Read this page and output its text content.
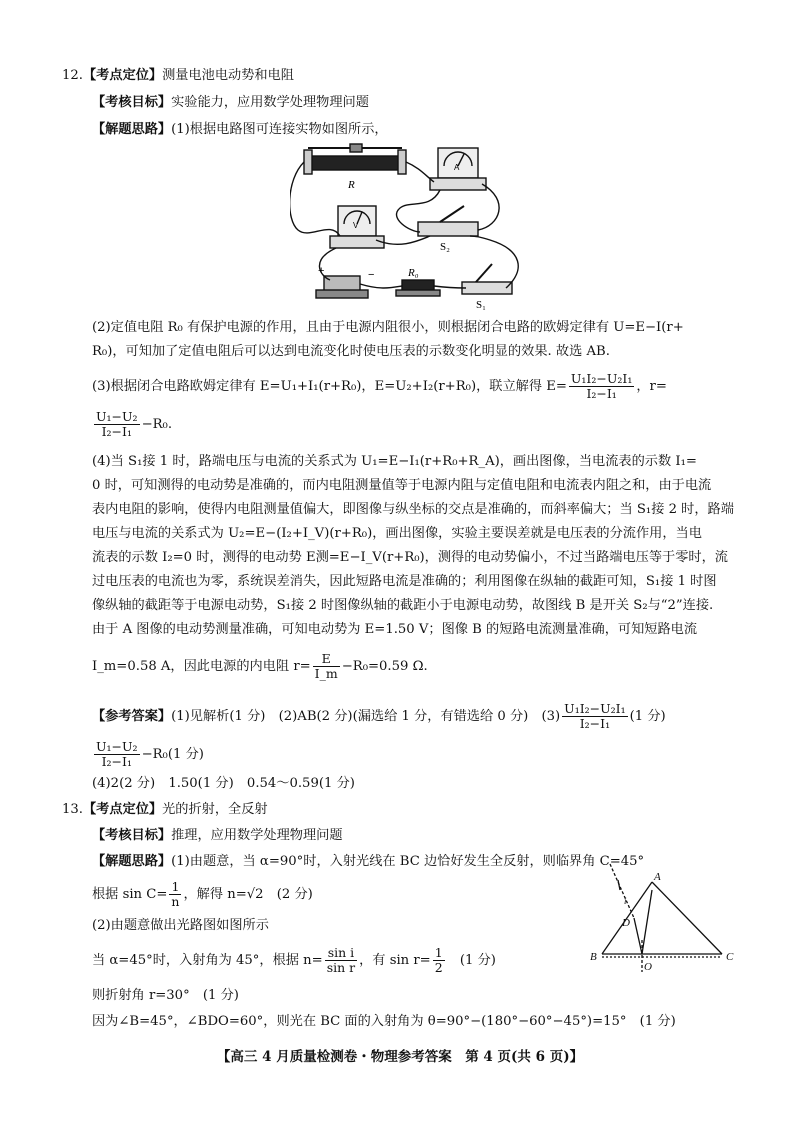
12.【考点定位】测量电池电动势和电阻
【考核目标】实验能力，应用数学处理物理问题
【解题思路】(1)根据电路图可连接实物如图所示，
R
A
V
S₂
R₀
S₁
+	−
(2)定值电阻 R₀ 有保护电源的作用，且由于电源内阻很小，则根据闭合电路的欧姆定律有 U=E−I(r+
R₀)，可知加了定值电阻后可以达到电流变化时使电压表的示数变化明显的效果. 故选 AB.
(3)根据闭合电路欧姆定律有 E=U₁+I₁(r+R₀)，E=U₂+I₂(r+R₀)，联立解得 $E= \frac{\text{U₁I₂−U₂I₁}}{\text{I₂−I₁}}$ ，r=
$\frac{\text{U₁−U₂}}{\text{I₂−I₁}} -R_0$.
(4)当 S₁接 1 时，路端电压与电流的关系式为 U₁=E−I₁(r+R₀+R_A)，画出图像，当电流表的示数 I₁=
0 时，可知测得的电动势是准确的，而内电阻测量值等于电源内阻与定值电阻和电流表内阻之和，由于电流
表内电阻的影响，使得内电阻测量值偏大，即图像与纵坐标的交点是准确的，而斜率偏大；当 S₁接 2 时，路端
电压与电流的关系式为 U₂=E−(I₂+I_V)(r+R₀)，画出图像，实验主要误差就是电压表的分流作用，当电
流表的示数 I₂=0 时，测得的电动势 E测=E−I_V(r+R₀)，测得的电动势偏小，不过当路端电压等于零时，流
过电压表的电流也为零，系统误差消失，因此短路电流是准确的；利用图像在纵轴的截距可知，S₁接 1 时图
像纵轴的截距等于电源电动势，S₁接 2 时图像纵轴的截距小于电源电动势，故图线 B 是开关 S₂与“2”连接.
由于 A 图像的电动势测量准确，可知电动势为 E=1.50 V；图像 B 的短路电流测量准确，可知短路电流
I_m=0.58 A，因此电源的内电阻 $r= \frac{E}{I\_m} -R_0=0.59$ Ω.
【参考答案】(1)见解析(1 分)　(2)AB(2 分)(漏选给 1 分，有错选给 0 分)　$(3) \frac{\text{U₁I₂−U₂I₁}}{\text{I₂−I₁}} (1$ 分)
$\frac{\text{U₁−U₂}}{\text{I₂−I₁}} -R_0(1$ 分)
(4)2(2 分)　1.50(1 分)　0.54～0.59(1 分)
13.【考点定位】光的折射，全反射
【考核目标】推理，应用数学处理物理问题
【解题思路】(1)由题意，当 α=90°时，入射光线在 BC 边恰好发生全反射，则临界角 C=45°
根据 $\sin C= \frac{1}{n}$ ，解得 n=√2　(2 分)
(2)由题意做出光路图如图所示
当 α=45°时，入射角为 45°，根据 $n= \frac{\text{sin i}}{\text{sin r}}$ ，有 $\sin r= \frac{1}{2}$ 　(1 分)
则折射角 r=30°　(1 分)
因为∠B=45°，∠BDO=60°，则光在 BC 面的入射角为 θ=90°−(180°−60°−45°)=15°　(1 分)
A
B	C
D
O
i
【高三 4 月质量检测卷・物理参考答案　第 4 页(共 6 页)】
